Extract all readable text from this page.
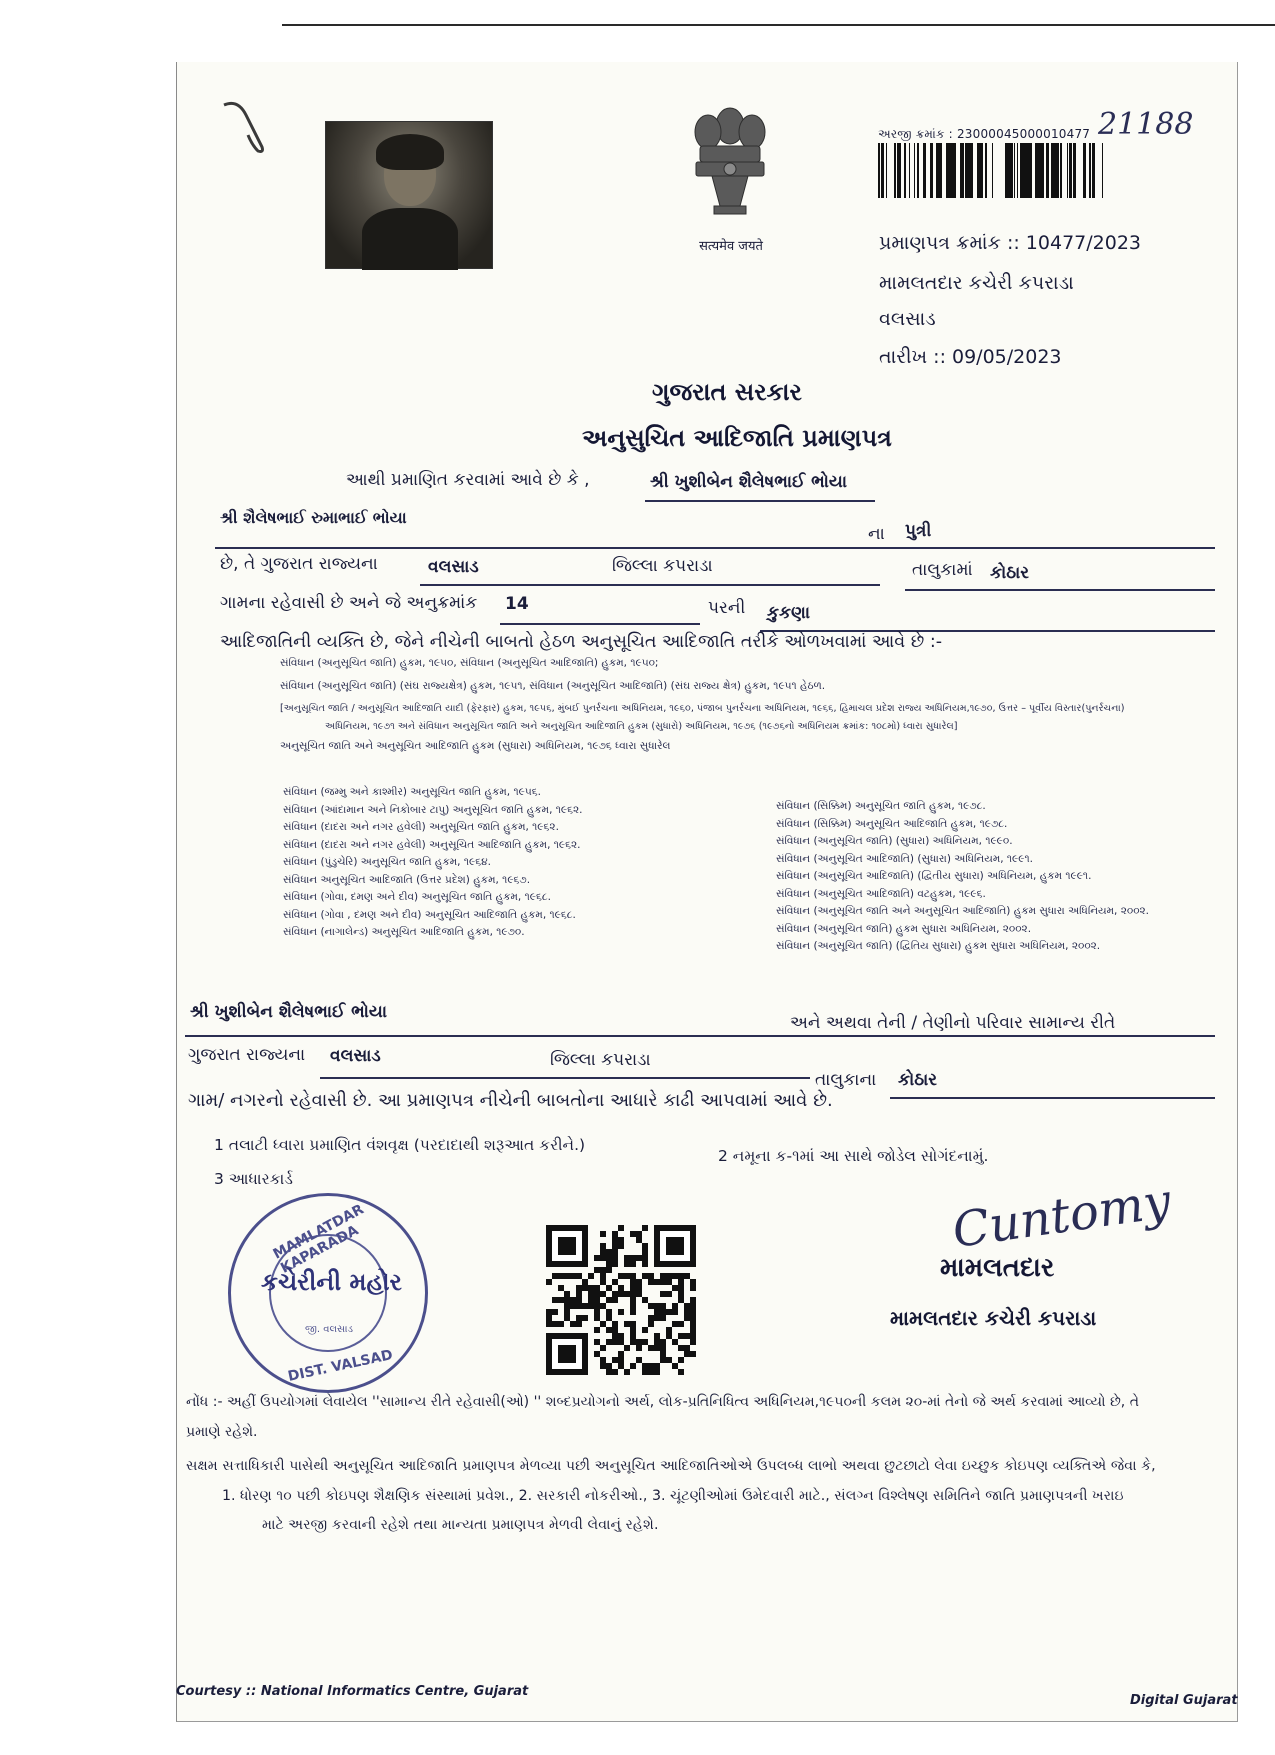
सत्यमेव जयते
અરજી ક્રમાંક : 23000045000010477 21188
પ્રમાણપત્ર ક્રમાંક :: 10477/2023
મામલતદાર કચેરી કપરાડા
વલસાડ
તારીખ :: 09/05/2023
ગુજરાત સરકાર
અનુસુચિત આદિજાતિ પ્રમાણપત્ર
આથી પ્રમાણિત કરવામાં આવે છે કે ,	શ્રી ખુશીબેન શૈલેષભાઈ ભોયા
શ્રી શૈલેષભાઈ રુમાભાઈ ભોયા
ના પુત્રી
છે, તે ગુજરાત રાજ્યના	વલસાડ	જિલ્લા કપરાડા	તાલુકામાં કોઠાર
ગામના રહેવાસી છે અને જે અનુક્રમાંક 14	પરની કુકણા
આદિજાતિની વ્યક્તિ છે, જેને નીચેની બાબતો હેઠળ અનુસૂચિત આદિજાતિ તરીકે ઓળખવામાં આવે છે :-
સંવિધાન (અનુસૂચિત જાતિ) હુકમ, ૧૯૫૦, સંવિધાન (અનુસૂચિત આદિજાતિ) હુકમ, ૧૯૫૦;
સંવિધાન (અનુસૂચિત જાતિ) (સંઘ રાજ્યક્ષેત્ર) હુકમ, ૧૯૫૧, સંવિધાન (અનુસૂચિત આદિજાતિ) (સંઘ રાજ્ય ક્ષેત્ર) હુકમ, ૧૯૫૧ હેઠળ.
[અનુસૂચિત જાતિ / અનુસૂચિત આદિજાતિ યાદી (ફેરફાર) હુકમ, ૧૯૫૬, મુંબઈ પુનર્રચના અધિનિયમ, ૧૯૬૦, પંજાબ પુનર્રચના અધિનિયમ, ૧૯૬૬, હિમાચલ પ્રદેશ રાજ્ય અધિનિયમ,૧૯૭૦, ઉત્તર – પૂર્વીય વિસ્તાર(પુનર્રચના)
અધિનિયમ, ૧૯૭૧ અને સંવિધાન અનુસૂચિત જાતિ અને અનુસૂચિત આદિજાતિ હુકમ (સુધારો) અધિનિયમ, ૧૯૭૬ (૧૯૭૬નો અધિનિયમ ક્રમાંક: ૧૦૮મો) ધ્વારા સુધારેલ]
અનુસૂચિત જાતિ અને અનુસૂચિત આદિજાતિ હુકમ (સુધારા) અધિનિયમ, ૧૯૭૬ ધ્વારા સુધારેલ
સંવિધાન (જમ્મુ અને કાશ્મીર) અનુસૂચિત જાતિ હુકમ, ૧૯૫૬.
સંવિધાન (આંદામાન અને નિકોબાર ટાપુ) અનુસૂચિત જાતિ હુકમ, ૧૯૬૨.
સંવિધાન (દાદરા અને નગર હવેલી) અનુસૂચિત જાતિ હુકમ, ૧૯૬૨.
સંવિધાન (દાદરા અને નગર હવેલી) અનુસૂચિત આદિજાતિ હુકમ, ૧૯૬૨.
સંવિધાન (પુંડુચેરિ) અનુસૂચિત જાતિ હુકમ, ૧૯૬૪.
સંવિધાન અનુસૂચિત આદિજાતિ (ઉત્તર પ્રદેશ) હુકમ, ૧૯૬૭.
સંવિધાન (ગોવા, દમણ અને દીવ) અનુસૂચિત જાતિ હુકમ, ૧૯૬૮.
સંવિધાન (ગોવા , દમણ અને દીવ) અનુસૂચિત આદિજાતિ હુકમ, ૧૯૬૮.
સંવિધાન (નાગાલેન્ડ) અનુસૂચિત આદિજાતિ હુકમ, ૧૯૭૦.
સંવિધાન (સિક્કિમ) અનુસૂચિત જાતિ હુકમ, ૧૯૭૮.
સંવિધાન (સિક્કિમ) અનુસૂચિત આદિજાતિ હુકમ, ૧૯૭૮.
સંવિધાન (અનુસૂચિત જાતિ) (સુધારા) અધિનિયમ, ૧૯૯૦.
સંવિધાન (અનુસૂચિત આદિજાતિ) (સુધારા) અધિનિયમ, ૧૯૯૧.
સંવિધાન (અનુસૂચિત આદિજાતિ) (દ્વિતીય સુધારા) અધિનિયમ, હુકમ ૧૯૯૧.
સંવિધાન (અનુસૂચિત આદિજાતિ) વટહુકમ, ૧૯૯૬.
સંવિધાન (અનુસૂચિત જાતિ અને અનુસૂચિત આદિજાતિ) હુકમ સુધારા અધિનિયમ, ૨૦૦૨.
સંવિધાન (અનુસૂચિત જાતિ) હુકમ સુધારા અધિનિયમ, ૨૦૦૨.
સંવિધાન (અનુસૂચિત જાતિ) (દ્વિતિય સુધારા) હુકમ સુધારા અધિનિયમ, ૨૦૦૨.
શ્રી ખુશીબેન શૈલેષભાઈ ભોયા
અને અથવા તેની / તેણીનો પરિવાર સામાન્ય રીતે
ગુજરાત રાજ્યના વલસાડ	જિલ્લા કપરાડા
તાલુકાના કોઠાર
ગામ/ નગરનો રહેવાસી છે. આ પ્રમાણપત્ર નીચેની બાબતોના આધારે કાઢી આપવામાં આવે છે.
1 તલાટી ધ્વારા પ્રમાણિત વંશવૃક્ષ (પરદાદાથી શરૂઆત કરીને.)
2 નમૂના ક-૧માં આ સાથે જોડેલ સોગંદનામું.
3 આધારકાર્ડ
MAMLATDAR KAPARADA
કચેરીની મહોર
જી. વલસાડ
DIST. VALSAD
Cuntomy
મામલતદાર
મામલતદાર કચેરી કપરાડા
નોંધ :- અહીં ઉપયોગમાં લેવાયેલ ''સામાન્ય રીતે રહેવાસી(ઓ) '' શબ્દપ્રયોગનો અર્થ, લોક-પ્રતિનિધિત્વ અધિનિયમ,૧૯૫૦ની કલમ ૨૦-માં તેનો જે અર્થ કરવામાં આવ્યો છે, તે
પ્રમાણે રહેશે.
સક્ષમ સત્તાધિકારી પાસેથી અનુસૂચિત આદિજાતિ પ્રમાણપત્ર મેળવ્યા પછી અનુસૂચિત આદિજાતિઓએ ઉપલબ્ધ લાભો અથવા છુટછાટો લેવા ઇચ્છુક કોઇપણ વ્યક્તિએ જેવા કે,
1. ધોરણ ૧૦ પછી કોઇપણ શૈક્ષણિક સંસ્થામાં પ્રવેશ., 2. સરકારી નોકરીઓ., 3. ચૂંટણીઓમાં ઉમેદવારી માટે., સંલગ્ન વિશ્લેષણ સમિતિને જાતિ પ્રમાણપત્રની ખરાઇ
માટે અરજી કરવાની રહેશે તથા માન્યતા પ્રમાણપત્ર મેળવી લેવાનું રહેશે.
Courtesy :: National Informatics Centre, Gujarat
Digital Gujarat
